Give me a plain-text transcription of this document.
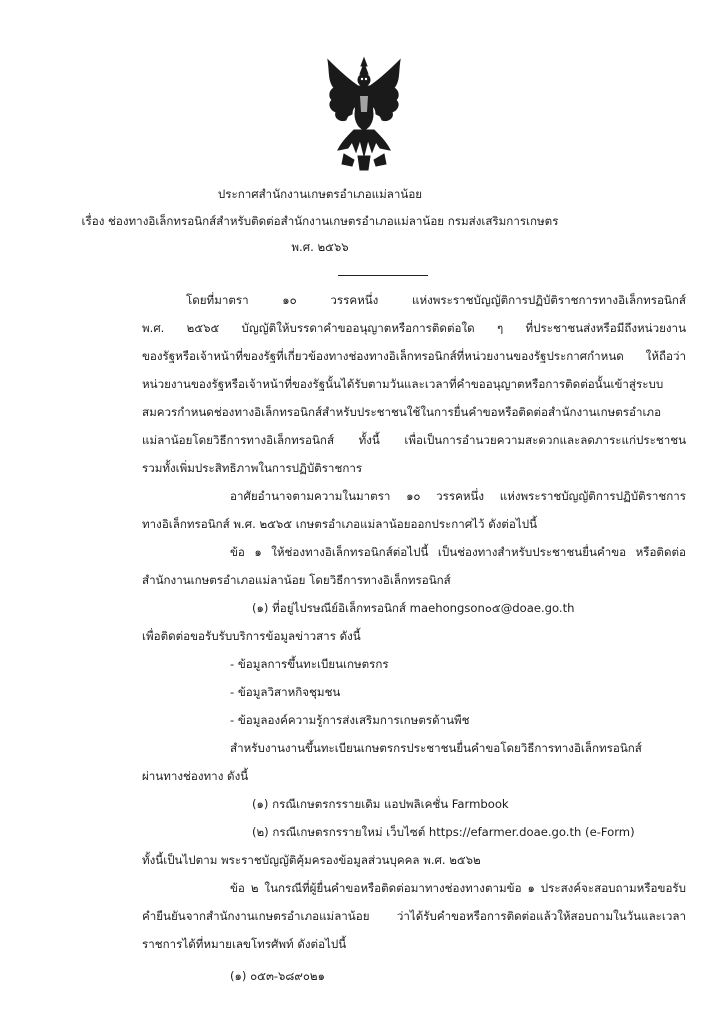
ประกาศสำนักงานเกษตรอำเภอแม่ลาน้อย
เรื่อง ช่องทางอิเล็กทรอนิกส์สำหรับติดต่อสำนักงานเกษตรอำเภอแม่ลาน้อย กรมส่งเสริมการเกษตร
พ.ศ. ๒๕๖๖
โดยที่มาตรา ๑๐ วรรคหนึ่ง แห่งพระราชบัญญัติการปฏิบัติราชการทางอิเล็กทรอนิกส์
พ.ศ. ๒๕๖๕ บัญญัติให้บรรดาคำขออนุญาตหรือการติดต่อใด ๆ ที่ประชาชนส่งหรือมีถึงหน่วยงาน
ของรัฐหรือเจ้าหน้าที่ของรัฐที่เกี่ยวข้องทางช่องทางอิเล็กทรอนิกส์ที่หน่วยงานของรัฐประกาศกำหนด ให้ถือว่า
หน่วยงานของรัฐหรือเจ้าหน้าที่ของรัฐนั้นได้รับตามวันและเวลาที่คำขออนุญาตหรือการติดต่อนั้นเข้าสู่ระบบ
สมควรกำหนดช่องทางอิเล็กทรอนิกส์สำหรับประชาชนใช้ในการยื่นคำขอหรือติดต่อสำนักงานเกษตรอำเภอ
แม่ลาน้อยโดยวิธีการทางอิเล็กทรอนิกส์ ทั้งนี้ เพื่อเป็นการอำนวยความสะดวกและลดภาระแก่ประชาชน
รวมทั้งเพิ่มประสิทธิภาพในการปฏิบัติราชการ
อาศัยอำนาจตามความในมาตรา ๑๐ วรรคหนึ่ง แห่งพระราชบัญญัติการปฏิบัติราชการ
ทางอิเล็กทรอนิกส์ พ.ศ. ๒๕๖๕ เกษตรอำเภอแม่ลาน้อยออกประกาศไว้ ดังต่อไปนี้
ข้อ ๑ ให้ช่องทางอิเล็กทรอนิกส์ต่อไปนี้ เป็นช่องทางสำหรับประชาชนยื่นคำขอ หรือติดต่อ
สำนักงานเกษตรอำเภอแม่ลาน้อย โดยวิธีการทางอิเล็กทรอนิกส์
(๑) ที่อยู่ไปรษณีย์อิเล็กทรอนิกส์ maehongson๐๕@doae.go.th
เพื่อติดต่อขอรับรับบริการข้อมูลข่าวสาร ดังนี้
- ข้อมูลการขึ้นทะเบียนเกษตรกร
- ข้อมูลวิสาหกิจชุมชน
- ข้อมูลองค์ความรู้การส่งเสริมการเกษตรด้านพืช
สำหรับงานงานขึ้นทะเบียนเกษตรกรประชาชนยื่นคำขอโดยวิธีการทางอิเล็กทรอนิกส์
ผ่านทางช่องทาง ดังนี้
(๑) กรณีเกษตรกรรายเดิม แอปพลิเคชั่น Farmbook
(๒) กรณีเกษตรกรรายใหม่ เว็บไซต์ https://efarmer.doae.go.th (e-Form)
ทั้งนี้เป็นไปตาม พระราชบัญญัติคุ้มครองข้อมูลส่วนบุคคล พ.ศ. ๒๕๖๒
ข้อ ๒ ในกรณีที่ผู้ยื่นคำขอหรือติดต่อมาทางช่องทางตามข้อ ๑ ประสงค์จะสอบถามหรือขอรับ
คำยืนยันจากสำนักงานเกษตรอำเภอแม่ลาน้อย ว่าได้รับคำขอหรือการติดต่อแล้วให้สอบถามในวันและเวลา
ราชการได้ที่หมายเลขโทรศัพท์ ดังต่อไปนี้
(๑) ๐๕๓-๖๘๙๐๒๑
